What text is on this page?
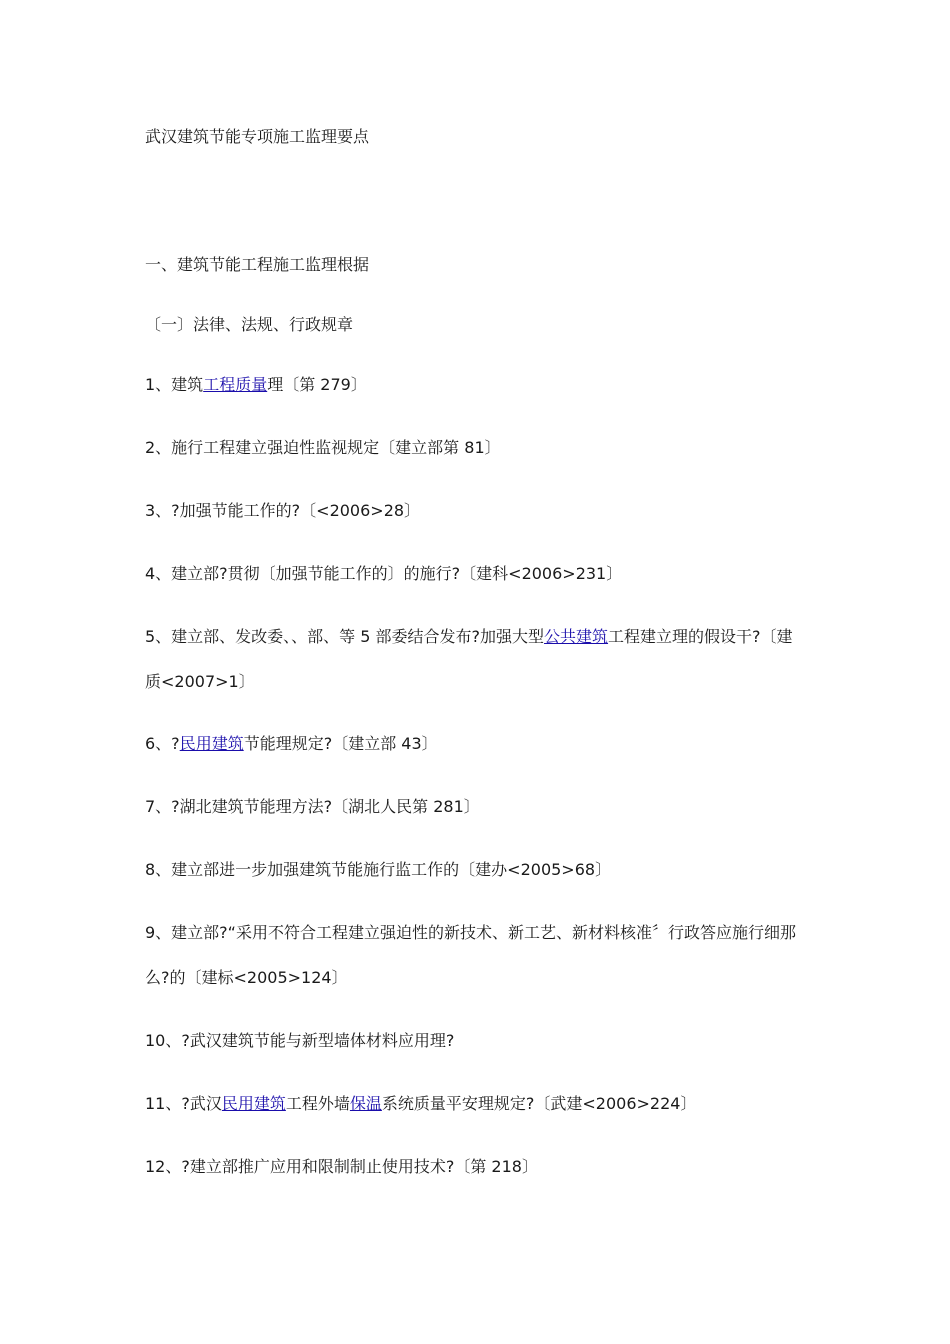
武汉建筑节能专项施工监理要点
一、建筑节能工程施工监理根据
〔一〕法律、法规、行政规章
1、建筑工程质量理〔第 279〕
2、施行工程建立强迫性监视规定〔建立部第 81〕
3、?加强节能工作的?〔<2006>28〕
4、建立部?贯彻〔加强节能工作的〕的施行?〔建科<2006>231〕
5、建立部、发改委、、部、等 5 部委结合发布?加强大型公共建筑工程建立理的假设干?〔建质<2007>1〕
6、?民用建筑节能理规定?〔建立部 43〕
7、?湖北建筑节能理方法?〔湖北人民第 281〕
8、建立部进一步加强建筑节能施行监工作的〔建办<2005>68〕
9、建立部?“采用不符合工程建立强迫性的新技术、新工艺、新材料核准〞行政答应施行细那么?的〔建标<2005>124〕
10、?武汉建筑节能与新型墙体材料应用理?
11、?武汉民用建筑工程外墙保温系统质量平安理规定?〔武建<2006>224〕
12、?建立部推广应用和限制制止使用技术?〔第 218〕
